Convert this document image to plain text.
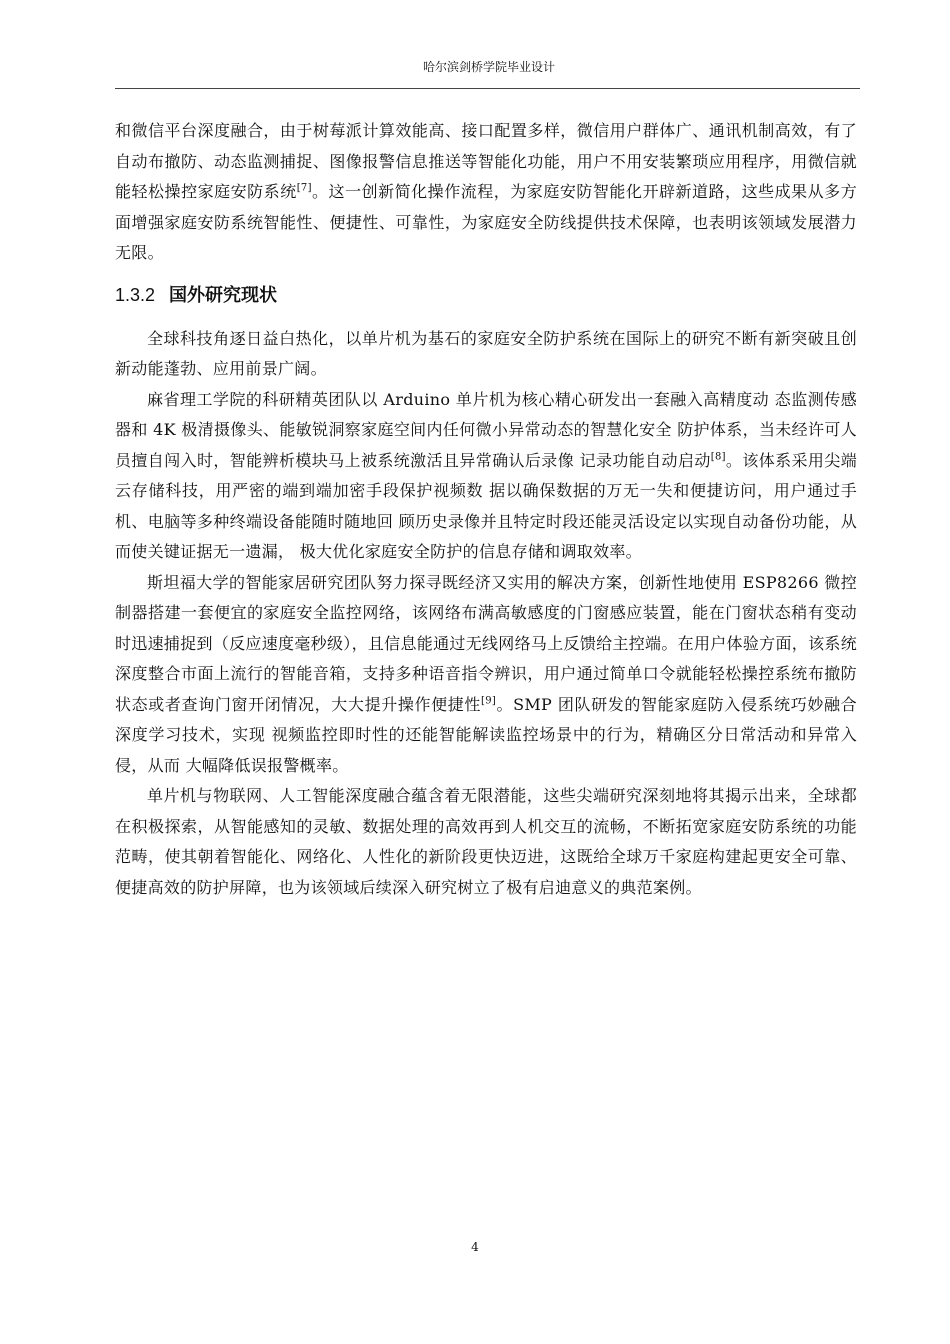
哈尔滨剑桥学院毕业设计

和微信平台深度融合，由于树莓派计算效能高、接口配置多样，微信用户群体广、通讯机制高效，有了自动布撤防、动态监测捕捉、图像报警信息推送等智能化功能，用户不用安装繁琐应用程序，用微信就能轻松操控家庭安防系统[7]。这一创新简化操作流程，为家庭安防智能化开辟新道路，这些成果从多方面增强家庭安防系统智能性、便捷性、可靠性，为家庭安全防线提供技术保障，也表明该领域发展潜力无限。

1.3.2 国外研究现状

全球科技角逐日益白热化，以单片机为基石的家庭安全防护系统在国际上的研究不断有新突破且创新动能蓬勃、应用前景广阔。

麻省理工学院的科研精英团队以 Arduino 单片机为核心精心研发出一套融入高精度动 态监测传感器和 4K 极清摄像头、能敏锐洞察家庭空间内任何微小异常动态的智慧化安全 防护体系，当未经许可人员擅自闯入时，智能辨析模块马上被系统激活且异常确认后录像 记录功能自动启动[8]。该体系采用尖端云存储科技，用严密的端到端加密手段保护视频数 据以确保数据的万无一失和便捷访问，用户通过手机、电脑等多种终端设备能随时随地回 顾历史录像并且特定时段还能灵活设定以实现自动备份功能，从而使关键证据无一遗漏， 极大优化家庭安全防护的信息存储和调取效率。

斯坦福大学的智能家居研究团队努力探寻既经济又实用的解决方案，创新性地使用 ESP8266 微控制器搭建一套便宜的家庭安全监控网络，该网络布满高敏感度的门窗感应装置，能在门窗状态稍有变动时迅速捕捉到（反应速度毫秒级），且信息能通过无线网络马上反馈给主控端。在用户体验方面，该系统深度整合市面上流行的智能音箱，支持多种语音指令辨识，用户通过简单口令就能轻松操控系统布撤防状态或者查询门窗开闭情况，大大提升操作便捷性[9]。SMP 团队研发的智能家庭防入侵系统巧妙融合深度学习技术，实现 视频监控即时性的还能智能解读监控场景中的行为，精确区分日常活动和异常入侵，从而 大幅降低误报警概率。

单片机与物联网、人工智能深度融合蕴含着无限潜能，这些尖端研究深刻地将其揭示出来，全球都在积极探索，从智能感知的灵敏、数据处理的高效再到人机交互的流畅，不断拓宽家庭安防系统的功能范畴，使其朝着智能化、网络化、人性化的新阶段更快迈进，这既给全球万千家庭构建起更安全可靠、便捷高效的防护屏障，也为该领域后续深入研究树立了极有启迪意义的典范案例。

4
